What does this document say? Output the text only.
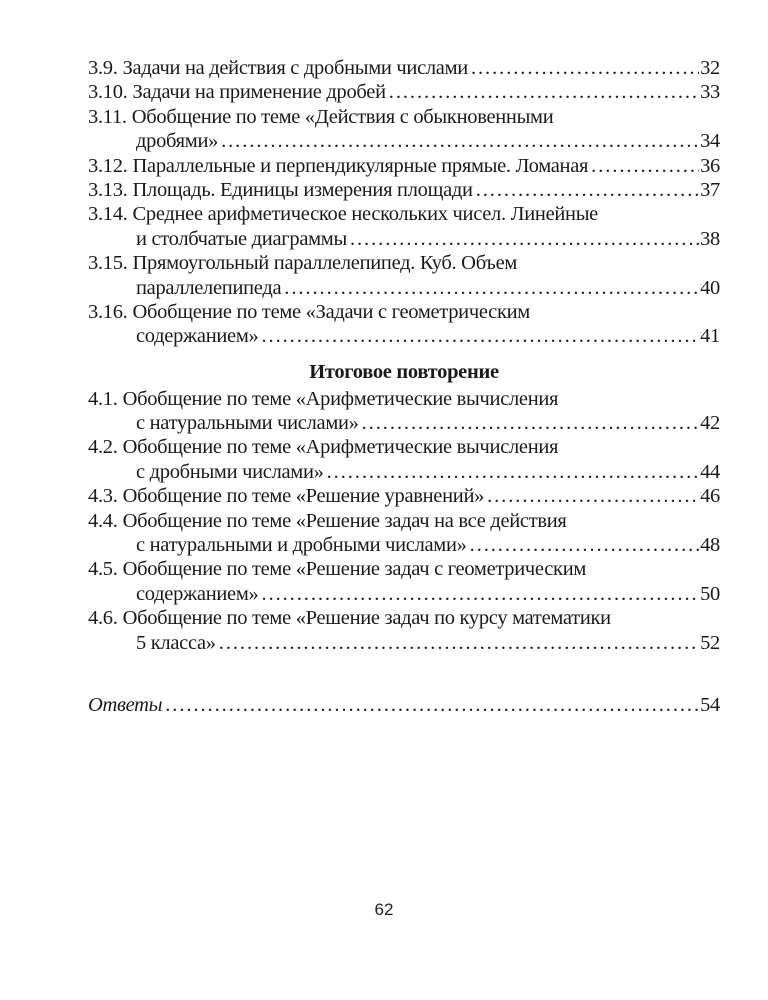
3.9. Задачи на действия с дробными числами . . .	32
3.10. Задачи на применение дробей . . .	33
3.11. Обобщение по теме «Действия с обыкновенными
дробями» . . .	34
3.12. Параллельные и перпендикулярные прямые. Ломаная . . .	36
3.13. Площадь. Единицы измерения площади . . .	37
3.14. Среднее арифметическое нескольких чисел. Линейные
и столбчатые диаграммы . . .	38
3.15. Прямоугольный параллелепипед. Куб. Объем
параллелепипеда . . .	40
3.16. Обобщение по теме «Задачи с геометрическим
содержанием» . . .	41
Итоговое повторение
4.1. Обобщение по теме «Арифметические вычисления
с натуральными числами» . . .	42
4.2. Обобщение по теме «Арифметические вычисления
с дробными числами» . . .	44
4.3. Обобщение по теме «Решение уравнений» . . .	46
4.4. Обобщение по теме «Решение задач на все действия
с натуральными и дробными числами» . . .	48
4.5. Обобщение по теме «Решение задач с геометрическим
содержанием» . . .	50
4.6. Обобщение по теме «Решение задач по курсу математики
5 класса» . . .	52
Ответы . . .	54
62
